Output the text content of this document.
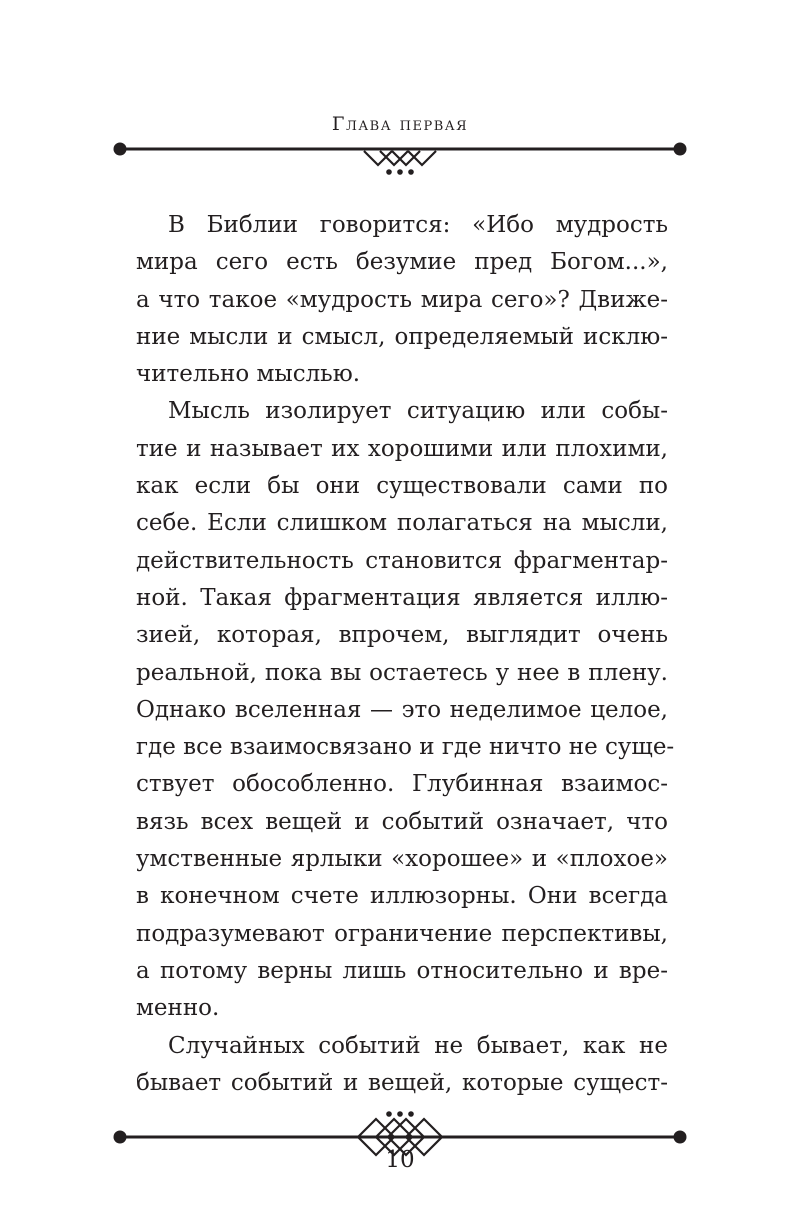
Глава первая

В Библии говорится: «Ибо мудрость
мира сего есть безумие пред Богом...»,
а что такое «мудрость мира сего»? Движе-
ние мысли и смысл, определяемый исклю-
чительно мыслью.

Мысль изолирует ситуацию или собы-
тие и называет их хорошими или плохими,
как если бы они существовали сами по
себе. Если слишком полагаться на мысли,
действительность становится фрагментар-
ной. Такая фрагментация является иллю-
зией, которая, впрочем, выглядит очень
реальной, пока вы остаетесь у нее в плену.
Однако вселенная — это неделимое целое,
где все взаимосвязано и где ничто не суще-
ствует обособленно. Глубинная взаимос-
вязь всех вещей и событий означает, что
умственные ярлыки «хорошее» и «плохое»
в конечном счете иллюзорны. Они всегда
подразумевают ограничение перспективы,
а потому верны лишь относительно и вре-
менно.

Случайных событий не бывает, как не
бывает событий и вещей, которые сущест-

10
